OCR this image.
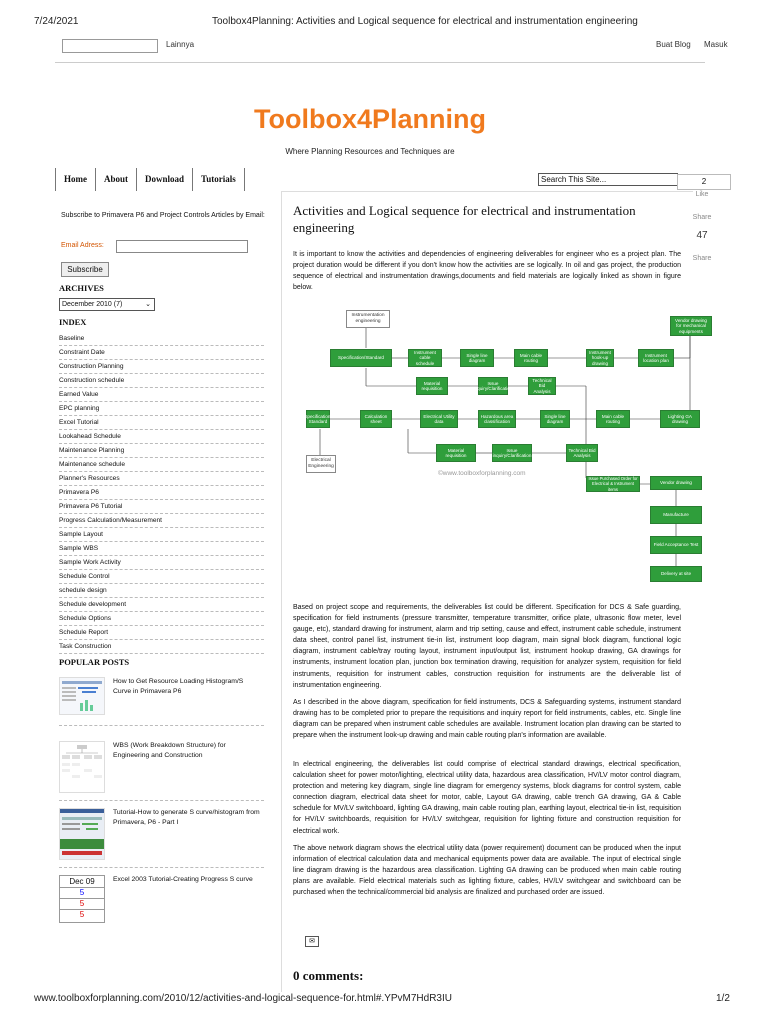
7/24/2021	Toolbox4Planning: Activities and Logical sequence for electrical and instrumentation engineering
Lainnya	Buat Blog Masuk
Toolbox4Planning
Where Planning Resources and Techniques are
Home	About	Download	Tutorials	Search This Site...	2
Like
Share
47
Share
Subscribe to Primavera P6 and Project Controls Articles by Email:
Email Adress:
Subscribe
ARCHIVES
December 2010 (7)	⌄
INDEX
Baseline
Constraint Date
Construction Planning
Construction schedule
Earned Value
EPC planning
Excel Tutorial
Lookahead Schedule
Maintenance Planning
Maintenance schedule
Planner's Resources
Primavera P6
Primavera P6 Tutorial
Progress Calculation/Measurement
Sample Layout
Sample WBS
Sample Work Activity
Schedule Control
schedule design
Schedule development
Schedule Options
Schedule Report
Task Construction
POPULAR POSTS
How to Get Resource Loading Histogram/S Curve in Primavera P6
WBS (Work Breakdown Structure) for Engineering and Construction
Tutorial-How to generate S curve/histogram from Primavera, P6 - Part I
Dec 09
5
5
5
Excel 2003 Tutorial-Creating Progress S curve
Activities and Logical sequence for electrical and instrumentation engineering
It is important to know the activities and dependencies of engineering deliverables for engineer who es a project plan. The project duration would be different if you don't know how the activities are se logically. In oil and gas project, the production sequence of electrical and instrumentation drawings,documents and field materials are logically linked as shown in figure below.
Instrumentation engineering	Vendor drawing for mechanical equipments
Specification/Standard
Instrument cable schedule
Single line diagram
Main cable routing
Instrument hook-up drawing
Instrument location plan
Material requisition
Issue inquiry/Clarification
Technical Bid Analysis
Specification/ Standard
Calculation sheet
Electrical Utility data
Hazardous area classification
Single line diagram
Main cable routing
Lighting GA drawing
Material requisition
Issue inquiry/Clarification
Technical Bid Analysis
Electrical Engineering
©www.toolboxforplanning.com
Issue Purchased Order for Electrical & Instrument items
Vendor drawing
Manufacture
Field Acceptance Test
Delivery at site
Based on project scope and requirements, the deliverables list could be different. Specification for DCS & Safe guarding, specification for field instruments (pressure transmitter, temperature transmitter, orifice plate, ultrasonic flow meter, level gauge, etc), standard drawing for instrument, alarm and trip setting, cause and effect, instrument cable schedule, instrument data sheet, control panel list, instrument tie-in list, instrument loop diagram, main signal block diagram, functional logic diagram, instrument cable/tray routing layout, instrument input/output list, instrument hookup drawing, GA drawings for instruments, instrument location plan, junction box termination drawing, requisition for analyzer system, requisition for field instruments, requisition for instrument cables, construction requisition for instruments are the deliverable list of instrumentation engineering.
As I described in the above diagram, specification for field instruments, DCS & Safeguarding systems, instrument standard drawing has to be completed prior to prepare the requisitions and inquiry report for field instruments, cables, etc. Single line diagram can be prepared when instrument cable schedules are available. Instrument location plan drawing can be started to prepare when the instrument look-up drawing and main cable routing plan's information are available.
In electrical engineering, the deliverables list could comprise of electrical standard drawings, electrical specification, calculation sheet for power motor/lighting, electrical utility data, hazardous area classification, HV/LV motor control diagram, protection and metering key diagram, single line diagram for emergency systems, block diagrams for control system, cable connection diagram, electrical data sheet for motor, cable, Layout GA drawing, cable trench GA drawing, GA & Cable schedule for MV/LV switchboard, lighting GA drawing, main cable routing plan, earthing layout, electrical tie-in list, requisition for HV/LV switchboards, requisition for HV/LV switchgear, requisition for lighting fixture and construction requisition for electrical work.
The above network diagram shows the electrical utility data (power requirement) document can be produced when the input information of electrical calculation data and mechanical equipments power data are available. The input of electrical single line diagram drawing is the hazardous area classification. Lighting GA drawing can be produced when main cable routing plans are available. Field electrical materials such as lighting fixture, cables, HV/LV switchgear and switchboard can be purchased when the technical/commercial bid analysis are finalized and purchased order are issued.
✉
0 comments:
www.toolboxforplanning.com/2010/12/activities-and-logical-sequence-for.html#.YPvM7HdR3IU	1/2
